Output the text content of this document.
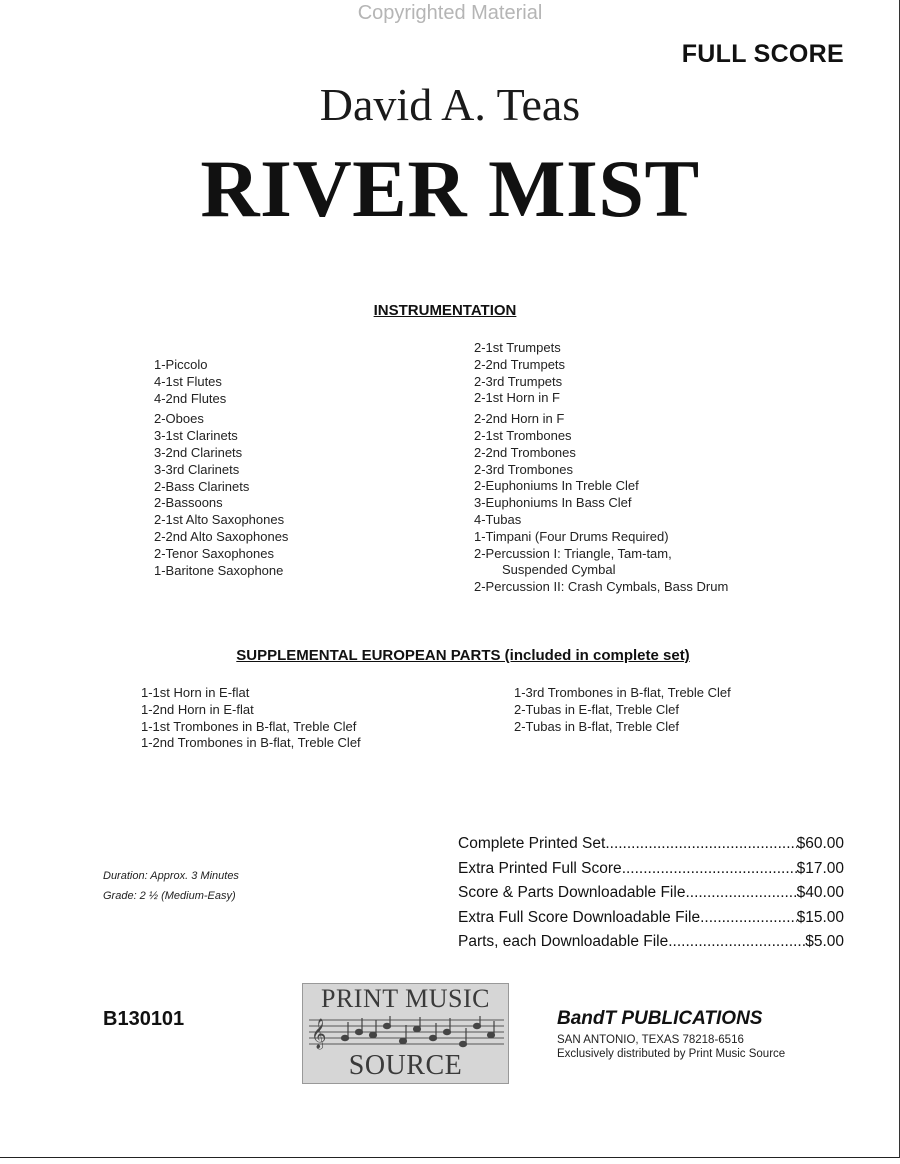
Copyrighted Material
FULL SCORE
David A. Teas
RIVER MIST
INSTRUMENTATION
1-Piccolo
4-1st Flutes
4-2nd Flutes
2-Oboes
3-1st Clarinets
3-2nd Clarinets
3-3rd Clarinets
2-Bass Clarinets
2-Bassoons
2-1st Alto Saxophones
2-2nd Alto Saxophones
2-Tenor Saxophones
1-Baritone Saxophone
2-1st Trumpets
2-2nd Trumpets
2-3rd Trumpets
2-1st Horn in F
2-2nd Horn in F
2-1st Trombones
2-2nd Trombones
2-3rd Trombones
2-Euphoniums In Treble Clef
3-Euphoniums In Bass Clef
4-Tubas
1-Timpani (Four Drums Required)
2-Percussion I: Triangle, Tam-tam,
Suspended Cymbal
2-Percussion II: Crash Cymbals, Bass Drum
SUPPLEMENTAL EUROPEAN PARTS (included in complete set)
1-1st Horn in E-flat
1-2nd Horn in E-flat
1-1st Trombones in B-flat, Treble Clef
1-2nd Trombones in B-flat, Treble Clef
1-3rd Trombones in B-flat, Treble Clef
2-Tubas in E-flat, Treble Clef
2-Tubas in B-flat, Treble Clef
Duration: Approx. 3 Minutes
Grade: 2 ½ (Medium-Easy)
Complete Printed Set .....	$60.00
Extra Printed Full Score .....	$17.00
Score & Parts Downloadable File .....	$40.00
Extra Full Score Downloadable File .....	$15.00
Parts, each Downloadable File .....	$5.00
B130101
PRINT MUSIC
𝄞
SOURCE
BandT PUBLICATIONS
SAN ANTONIO, TEXAS 78218-6516
Exclusively distributed by Print Music Source
